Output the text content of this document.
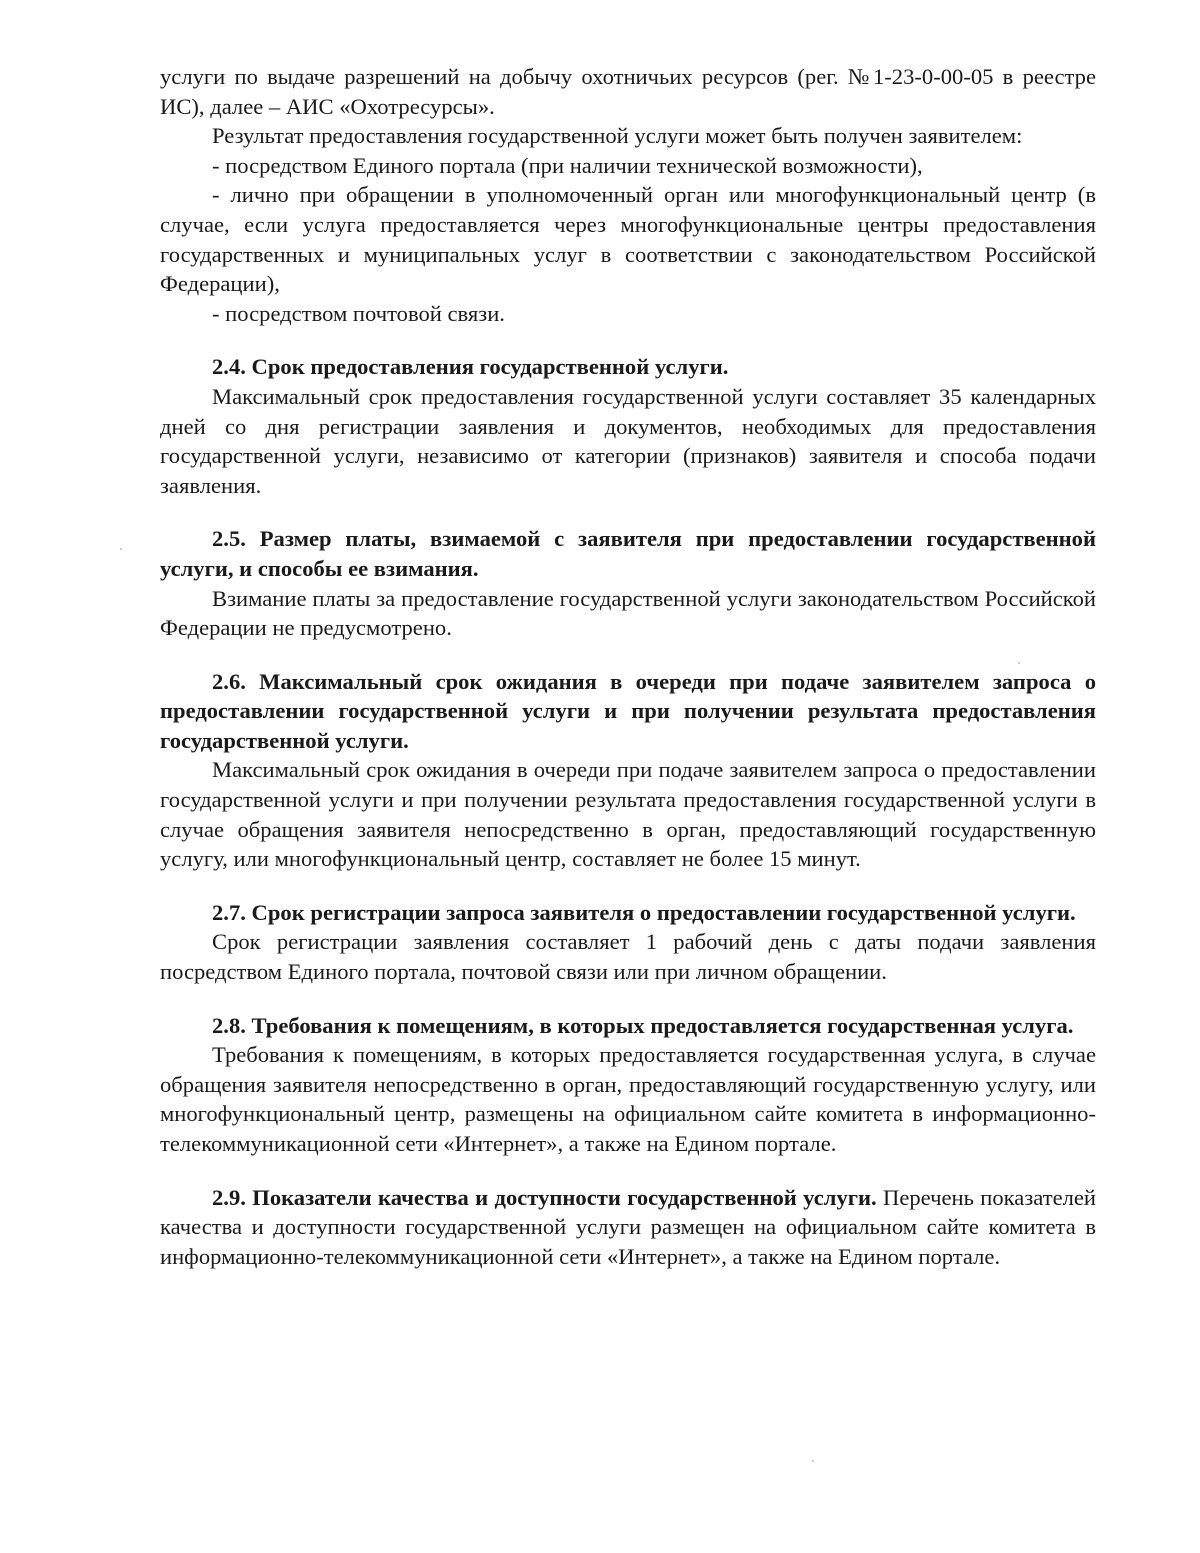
услуги по выдаче разрешений на добычу охотничьих ресурсов (рег. №1-23-0-00-05 в реестре ИС), далее – АИС «Охотресурсы».

Результат предоставления государственной услуги может быть получен заявителем:

- посредством Единого портала (при наличии технической возможности),

- лично при обращении в уполномоченный орган или многофункциональный центр (в случае, если услуга предоставляется через многофункциональные центры предоставления государственных и муниципальных услуг в соответствии с законодательством Российской Федерации),

- посредством почтовой связи.

2.4. Срок предоставления государственной услуги.

Максимальный срок предоставления государственной услуги составляет 35 календарных дней со дня регистрации заявления и документов, необходимых для предоставления государственной услуги, независимо от категории (признаков) заявителя и способа подачи заявления.

2.5. Размер платы, взимаемой с заявителя при предоставлении государственной услуги, и способы ее взимания.

Взимание платы за предоставление государственной услуги законодательством Российской Федерации не предусмотрено.

2.6. Максимальный срок ожидания в очереди при подаче заявителем запроса о предоставлении государственной услуги и при получении результата предоставления государственной услуги.

Максимальный срок ожидания в очереди при подаче заявителем запроса о предоставлении государственной услуги и при получении результата предоставления государственной услуги в случае обращения заявителя непосредственно в орган, предоставляющий государственную услугу, или многофункциональный центр, составляет не более 15 минут.

2.7. Срок регистрации запроса заявителя о предоставлении государственной услуги.

Срок регистрации заявления составляет 1 рабочий день с даты подачи заявления посредством Единого портала, почтовой связи или при личном обращении.

2.8. Требования к помещениям, в которых предоставляется государственная услуга.

Требования к помещениям, в которых предоставляется государственная услуга, в случае обращения заявителя непосредственно в орган, предоставляющий государственную услугу, или многофункциональный центр, размещены на официальном сайте комитета в информационно-телекоммуникационной сети «Интернет», а также на Едином портале.

2.9. Показатели качества и доступности государственной услуги. Перечень показателей качества и доступности государственной услуги размещен на официальном сайте комитета в информационно-телекоммуникационной сети «Интернет», а также на Едином портале.
